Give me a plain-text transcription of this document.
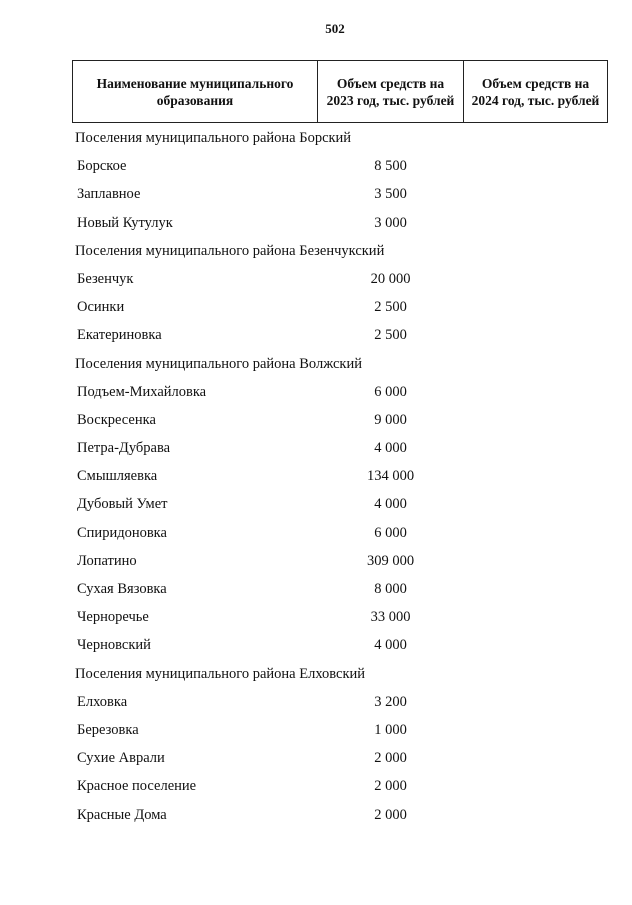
502
Наименование муниципального образования	Объем средств на 2023 год, тыс. рублей	Объем средств на 2024 год, тыс. рублей
Поселения муниципального района Борский
Борское	8 500
Заплавное	3 500
Новый Кутулук	3 000
Поселения муниципального района Безенчукский
Безенчук	20 000
Осинки	2 500
Екатериновка	2 500
Поселения муниципального района Волжский
Подъем-Михайловка	6 000
Воскресенка	9 000
Петра-Дубрава	4 000
Смышляевка	134 000
Дубовый Умет	4 000
Спиридоновка	6 000
Лопатино	309 000
Сухая Вязовка	8 000
Черноречье	33 000
Черновский	4 000
Поселения муниципального района Елховский
Елховка	3 200
Березовка	1 000
Сухие Аврали	2 000
Красное поселение	2 000
Красные Дома	2 000
